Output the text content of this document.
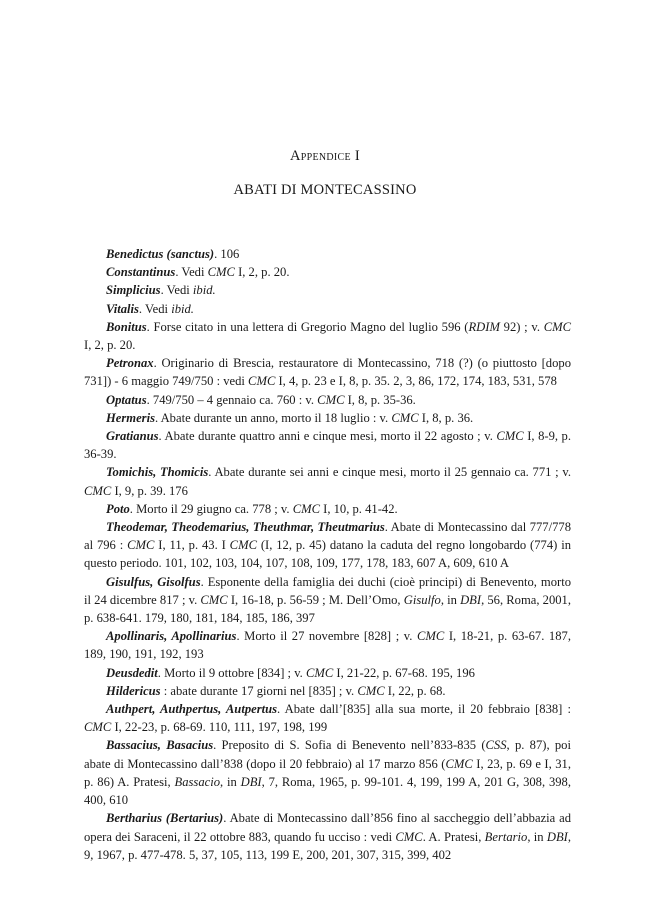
Appendice I
ABATI DI MONTECASSINO

Benedictus (sanctus). 106

Constantinus. Vedi CMC I, 2, p. 20.

Simplicius. Vedi ibid.

Vitalis. Vedi ibid.

Bonitus. Forse citato in una lettera di Gregorio Magno del luglio 596 (RDIM 92) ; v. CMC I, 2, p. 20.

Petronax. Originario di Brescia, restauratore di Montecassino, 718 (?) (o piuttosto [dopo 731]) - 6 maggio 749/750 : vedi CMC I, 4, p. 23 e I, 8, p. 35. 2, 3, 86, 172, 174, 183, 531, 578

Optatus. 749/750 – 4 gennaio ca. 760 : v. CMC I, 8, p. 35-36.

Hermeris. Abate durante un anno, morto il 18 luglio : v. CMC I, 8, p. 36.

Gratianus. Abate durante quattro anni e cinque mesi, morto il 22 agosto ; v. CMC I, 8-9, p. 36-39.

Tomichis, Thomicis. Abate durante sei anni e cinque mesi, morto il 25 gennaio ca. 771 ; v. CMC I, 9, p. 39. 176

Poto. Morto il 29 giugno ca. 778 ; v. CMC I, 10, p. 41-42.

Theodemar, Theodemarius, Theuthmar, Theutmarius. Abate di Montecassino dal 777/778 al 796 : CMC I, 11, p. 43. I CMC (I, 12, p. 45) datano la caduta del regno longobardo (774) in questo periodo. 101, 102, 103, 104, 107, 108, 109, 177, 178, 183, 607 A, 609, 610 A

Gisulfus, Gisolfus. Esponente della famiglia dei duchi (cioè principi) di Benevento, morto il 24 dicembre 817 ; v. CMC I, 16-18, p. 56-59 ; M. Dell’Omo, Gisulfo, in DBI, 56, Roma, 2001, p. 638-641. 179, 180, 181, 184, 185, 186, 397

Apollinaris, Apollinarius. Morto il 27 novembre [828] ; v. CMC I, 18-21, p. 63-67. 187, 189, 190, 191, 192, 193

Deusdedit. Morto il 9 ottobre [834] ; v. CMC I, 21-22, p. 67-68. 195, 196

Hildericus : abate durante 17 giorni nel [835] ; v. CMC I, 22, p. 68.

Authpert, Authpertus, Autpertus. Abate dall’[835] alla sua morte, il 20 febbraio [838] : CMC I, 22-23, p. 68-69. 110, 111, 197, 198, 199

Bassacius, Basacius. Preposito di S. Sofia di Benevento nell’833-835 (CSS, p. 87), poi abate di Montecassino dall’838 (dopo il 20 febbraio) al 17 marzo 856 (CMC I, 23, p. 69 e I, 31, p. 86) A. Pratesi, Bassacio, in DBI, 7, Roma, 1965, p. 99-101. 4, 199, 199 A, 201 G, 308, 398, 400, 610

Bertharius (Bertarius). Abate di Montecassino dall’856 fino al saccheggio dell’abbazia ad opera dei Saraceni, il 22 ottobre 883, quando fu ucciso : vedi CMC. A. Pratesi, Bertario, in DBI, 9, 1967, p. 477-478. 5, 37, 105, 113, 199 E, 200, 201, 307, 315, 399, 402
